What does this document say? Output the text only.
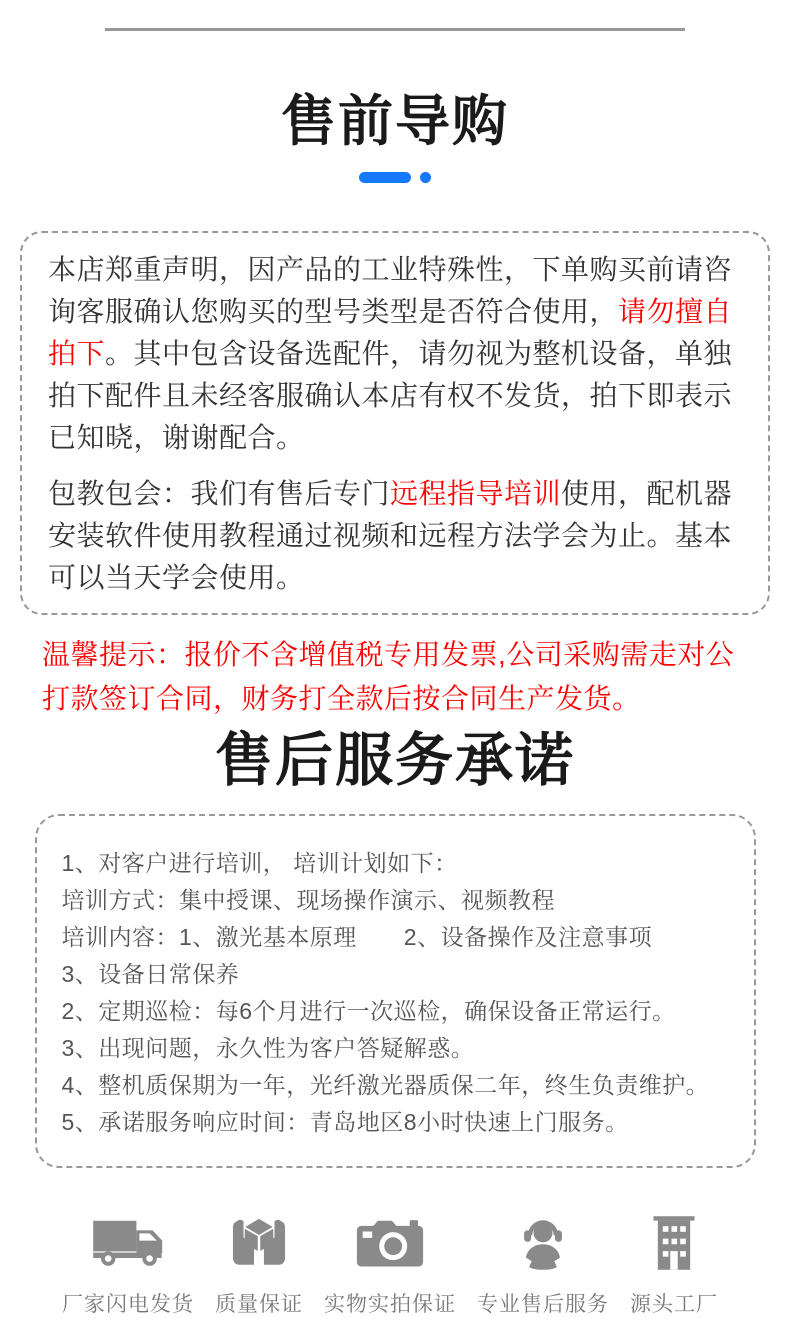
售前导购

本店郑重声明，因产品的工业特殊性，下单购买前请咨询客服确认您购买的型号类型是否符合使用，请勿擅自拍下。其中包含设备选配件，请勿视为整机设备，单独拍下配件且未经客服确认本店有权不发货，拍下即表示已知晓，谢谢配合。

包教包会：我们有售后专门远程指导培训使用，配机器安装软件使用教程通过视频和远程方法学会为止。基本可以当天学会使用。

温馨提示：报价不含增值税专用发票,公司采购需走对公打款签订合同，财务打全款后按合同生产发货。

售后服务承诺
1、对客户进行培训， 培训计划如下：
培训方式：集中授课、现场操作演示、视频教程
培训内容：1、激光基本原理　　2、设备操作及注意事项　　3、设备日常保养
2、定期巡检：每6个月进行一次巡检，确保设备正常运行。
3、出现问题，永久性为客户答疑解惑。
4、整机质保期为一年，光纤激光器质保二年，终生负责维护。
5、承诺服务响应时间：青岛地区8小时快速上门服务。
厂家闪电发货 质量保证 实物实拍保证 专业售后服务 源头工厂
